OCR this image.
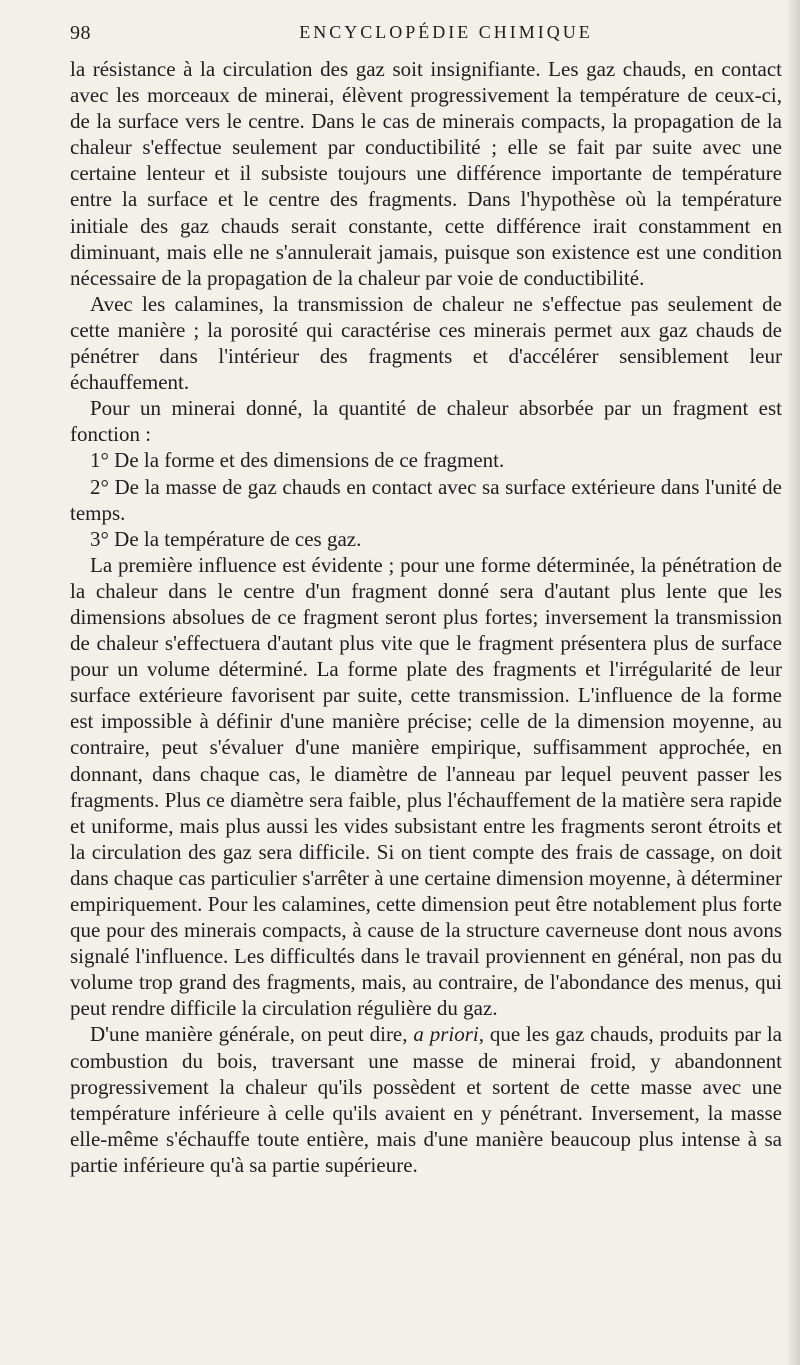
98	ENCYCLOPÉDIE CHIMIQUE

la résistance à la circulation des gaz soit insignifiante. Les gaz chauds, en contact avec les morceaux de minerai, élèvent progressivement la température de ceux-ci, de la surface vers le centre. Dans le cas de minerais compacts, la propagation de la chaleur s'effectue seulement par conductibilité ; elle se fait par suite avec une certaine lenteur et il subsiste toujours une différence importante de température entre la surface et le centre des fragments. Dans l'hypothèse où la température initiale des gaz chauds serait constante, cette différence irait constamment en diminuant, mais elle ne s'annulerait jamais, puisque son existence est une condition nécessaire de la propagation de la chaleur par voie de conductibilité.

Avec les calamines, la transmission de chaleur ne s'effectue pas seulement de cette manière ; la porosité qui caractérise ces minerais permet aux gaz chauds de pénétrer dans l'intérieur des fragments et d'accélérer sensiblement leur échauffement.

Pour un minerai donné, la quantité de chaleur absorbée par un fragment est fonction :

1° De la forme et des dimensions de ce fragment.

2° De la masse de gaz chauds en contact avec sa surface extérieure dans l'unité de temps.

3° De la température de ces gaz.

La première influence est évidente ; pour une forme déterminée, la pénétration de la chaleur dans le centre d'un fragment donné sera d'autant plus lente que les dimensions absolues de ce fragment seront plus fortes; inversement la transmission de chaleur s'effectuera d'autant plus vite que le fragment présentera plus de surface pour un volume déterminé. La forme plate des fragments et l'irrégularité de leur surface extérieure favorisent par suite, cette transmission. L'influence de la forme est impossible à définir d'une manière précise; celle de la dimension moyenne, au contraire, peut s'évaluer d'une manière empirique, suffisamment approchée, en donnant, dans chaque cas, le diamètre de l'anneau par lequel peuvent passer les fragments. Plus ce diamètre sera faible, plus l'échauffement de la matière sera rapide et uniforme, mais plus aussi les vides subsistant entre les fragments seront étroits et la circulation des gaz sera difficile. Si on tient compte des frais de cassage, on doit dans chaque cas particulier s'arrêter à une certaine dimension moyenne, à déterminer empiriquement. Pour les calamines, cette dimension peut être notablement plus forte que pour des minerais compacts, à cause de la structure caverneuse dont nous avons signalé l'influence. Les difficultés dans le travail proviennent en général, non pas du volume trop grand des fragments, mais, au contraire, de l'abondance des menus, qui peut rendre difficile la circulation régulière du gaz.

D'une manière générale, on peut dire, a priori, que les gaz chauds, produits par la combustion du bois, traversant une masse de minerai froid, y abandonnent progressivement la chaleur qu'ils possèdent et sortent de cette masse avec une température inférieure à celle qu'ils avaient en y pénétrant. Inversement, la masse elle-même s'échauffe toute entière, mais d'une manière beaucoup plus intense à sa partie inférieure qu'à sa partie supérieure.
